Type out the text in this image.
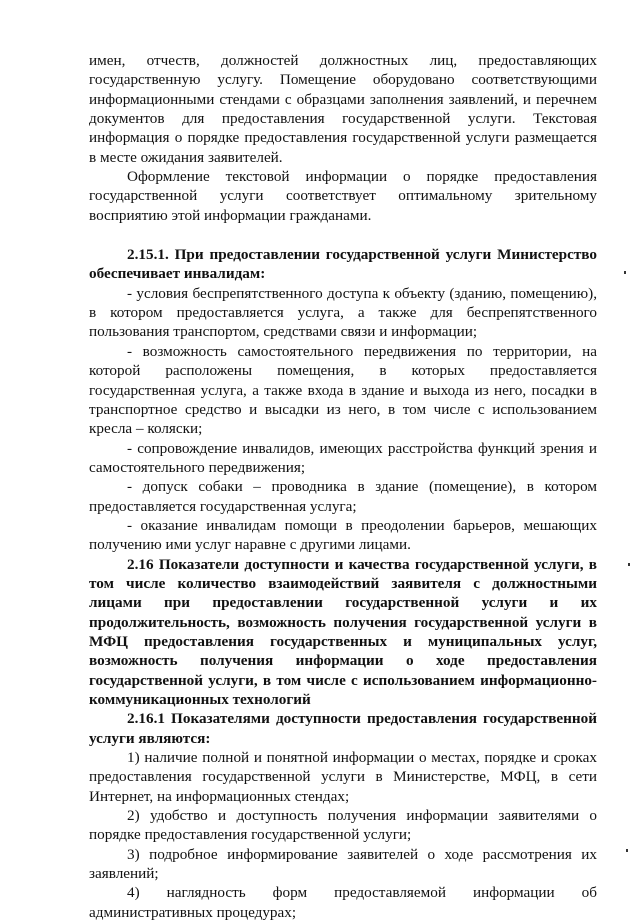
имен, отчеств, должностей должностных лиц, предоставляющих государственную услугу. Помещение оборудовано соответствующими информационными стендами с образцами заполнения заявлений, и перечнем документов для предоставления государственной услуги. Текстовая информация о порядке предоставления государственной услуги размещается в месте ожидания заявителей.

Оформление текстовой информации о порядке предоставления государственной услуги соответствует оптимальному зрительному восприятию этой информации гражданами.

2.15.1. При предоставлении государственной услуги Министерство обеспечивает инвалидам:

- условия беспрепятственного доступа к объекту (зданию, помещению), в котором предоставляется услуга, а также для беспрепятственного пользования транспортом, средствами связи и информации;

- возможность самостоятельного передвижения по территории, на которой расположены помещения, в которых предоставляется государственная услуга, а также входа в здание и выхода из него, посадки в транспортное средство и высадки из него, в том числе с использованием кресла – коляски;

- сопровождение инвалидов, имеющих расстройства функций зрения и самостоятельного передвижения;

- допуск собаки – проводника в здание (помещение), в котором предоставляется государственная услуга;

- оказание инвалидам помощи в преодолении барьеров, мешающих получению ими услуг наравне с другими лицами.

2.16 Показатели доступности и качества государственной услуги, в том числе количество взаимодействий заявителя с должностными лицами при предоставлении государственной услуги и их продолжительность, возможность получения государственной услуги в МФЦ предоставления государственных и муниципальных услуг, возможность получения информации о ходе предоставления государственной услуги, в том числе с использованием информационно-коммуникационных технологий

2.16.1 Показателями доступности предоставления государственной услуги являются:

1) наличие полной и понятной информации о местах, порядке и сроках предоставления государственной услуги в Министерстве, МФЦ, в сети Интернет, на информационных стендах;

2) удобство и доступность получения информации заявителями о порядке предоставления государственной услуги;

3) подробное информирование заявителей о ходе рассмотрения их заявлений;

4) наглядность форм предоставляемой информации об административных процедурах;
